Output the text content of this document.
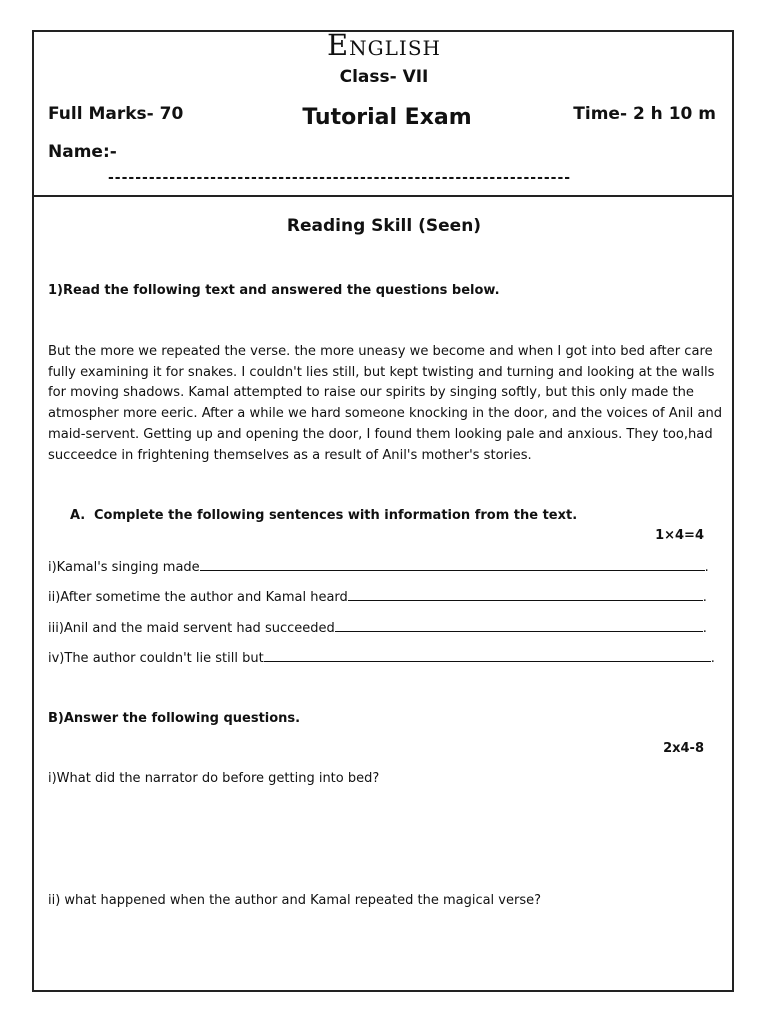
English
Class- VII
Full Marks- 70	Tutorial Exam	Time- 2 h 10 m
Name:-
--------------------------------------------------------------------
Reading Skill (Seen)
1)Read the following text and answered the questions below.
But the more we repeated the verse. the more uneasy we become and when I got into bed after care fully examining it for snakes. I couldn't lies still, but kept twisting and turning and looking at the walls for moving shadows. Kamal attempted to raise our spirits by singing softly, but this only made the atmospher more eeric. After a while we hard someone knocking in the door, and the voices of Anil and maid-servent. Getting up and opening the door, I found them looking pale and anxious. They too,had succeedce in frightening themselves as a result of Anil's mother's stories.
A. Complete the following sentences with information from the text.
1×4=4
i)Kamal's singing made	.
ii)After sometime the author and Kamal heard	.
iii)Anil and the maid servent had succeeded	.
iv)The author couldn't lie still but	.
B)Answer the following questions.
2x4-8
i)What did the narrator do before getting into bed?
ii) what happened when the author and Kamal repeated the magical verse?
